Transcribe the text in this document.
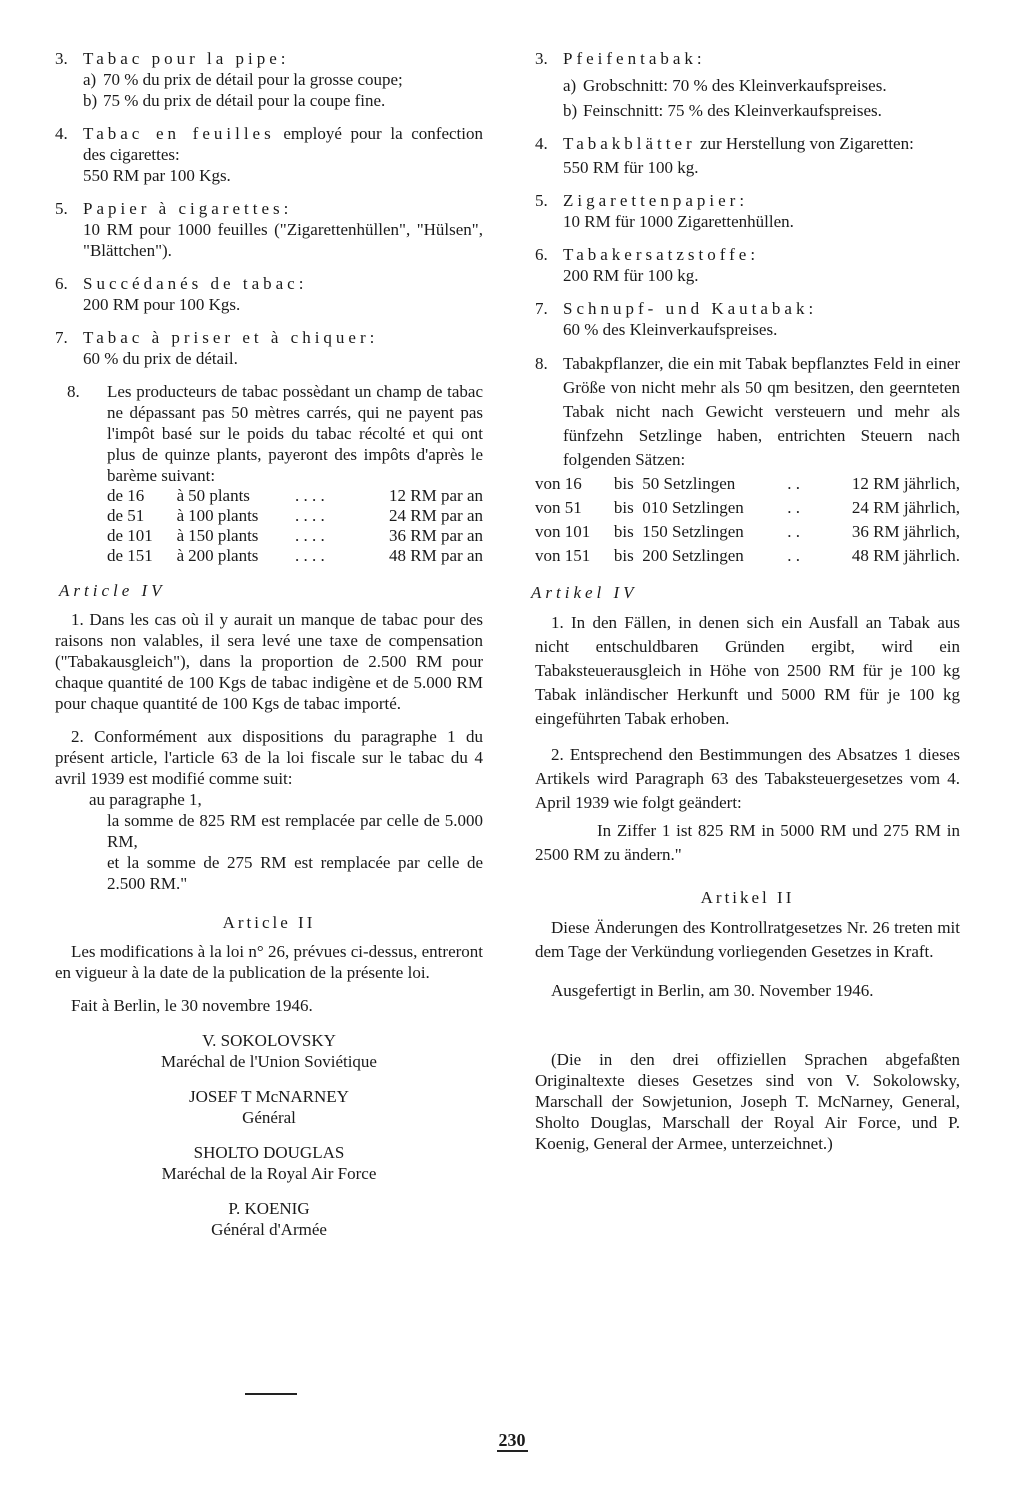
3. Tabac pour la pipe:
a) 70 % du prix de détail pour la grosse coupe;
b) 75 % du prix de détail pour la coupe fine.
4. Tabac en feuilles employé pour la confection des cigarettes:
550 RM par 100 Kgs.
5. Papier à cigarettes:
10 RM pour 1000 feuilles ("Zigarettenhüllen", "Hülsen", "Blättchen").
6. Succédanés de tabac:
200 RM pour 100 Kgs.
7. Tabac à priser et à chiquer:
60 % du prix de détail.
8.	Les producteurs de tabac possèdant un champ de tabac ne dépassant pas 50 mètres carrés, qui ne payent pas l'impôt basé sur le poids du tabac récolté et qui ont plus de quinze plants, payeront des impôts d'après le barème suivant:
de 16	à	50 plants	. . . .	12 RM par an
de 51	à	100 plants	. . . .	24 RM par an
de 101	à	150 plants	. . . .	36 RM par an
de 151	à	200 plants	. . . .	48 RM par an
Article IV
1. Dans les cas où il y aurait un manque de tabac pour des raisons non valables, il sera levé une taxe de compensation ("Tabakausgleich"), dans la proportion de 2.500 RM pour chaque quantité de 100 Kgs de tabac indigène et de 5.000 RM pour chaque quantité de 100 Kgs de tabac importé.
2. Conformément aux dispositions du paragraphe 1 du présent article, l'article 63 de la loi fiscale sur le tabac du 4 avril 1939 est modifié comme suit:
au paragraphe 1,
la somme de 825 RM est remplacée par celle de 5.000 RM,
et la somme de 275 RM est remplacée par celle de 2.500 RM."
Article II
Les modifications à la loi n° 26, prévues ci-dessus, entreront en vigueur à la date de la publication de la présente loi.
Fait à Berlin, le 30 novembre 1946.
V. SOKOLOVSKY
Maréchal de l'Union Soviétique
JOSEF T McNARNEY
Général
SHOLTO DOUGLAS
Maréchal de la Royal Air Force
P. KOENIG
Général d'Armée
3. Pfeifentabak:
a) Grobschnitt: 70 % des Kleinverkaufspreises.
b) Feinschnitt: 75 % des Kleinverkaufspreises.
4. Tabakblätter zur Herstellung von Zigaretten:
550 RM für 100 kg.
5. Zigarettenpapier:
10 RM für 1000 Zigarettenhüllen.
6. Tabakersatzstoffe:
200 RM für 100 kg.
7. Schnupf- und Kautabak:
60 % des Kleinverkaufspreises.
8. Tabakpflanzer, die ein mit Tabak bepflanztes Feld in einer Größe von nicht mehr als 50 qm besitzen, den geernteten Tabak nicht nach Gewicht versteuern und mehr als fünfzehn Setzlinge haben, entrichten Steuern nach folgenden Sätzen:
von 16	bis	50 Setzlingen	. .	12 RM jährlich,
von 51	bis	010 Setzlingen	. .	24 RM jährlich,
von 101	bis	150 Setzlingen	. .	36 RM jährlich,
von 151	bis	200 Setzlingen	. .	48 RM jährlich.
Artikel IV
1. In den Fällen, in denen sich ein Ausfall an Tabak aus nicht entschuldbaren Gründen ergibt, wird ein Tabaksteuerausgleich in Höhe von 2500 RM für je 100 kg Tabak inländischer Herkunft und 5000 RM für je 100 kg eingeführten Tabak erhoben.
2. Entsprechend den Bestimmungen des Absatzes 1 dieses Artikels wird Paragraph 63 des Tabaksteuergesetzes vom 4. April 1939 wie folgt geändert:
In Ziffer 1 ist 825 RM in 5000 RM und 275 RM in 2500 RM zu ändern."
Artikel II
Diese Änderungen des Kontrollratgesetzes Nr. 26 treten mit dem Tage der Verkündung vorliegenden Gesetzes in Kraft.
Ausgefertigt in Berlin, am 30. November 1946.
(Die in den drei offiziellen Sprachen abgefaßten Originaltexte dieses Gesetzes sind von V. Sokolowsky, Marschall der Sowjetunion, Joseph T. McNarney, General, Sholto Douglas, Marschall der Royal Air Force, und P. Koenig, General der Armee, unterzeichnet.)
230
